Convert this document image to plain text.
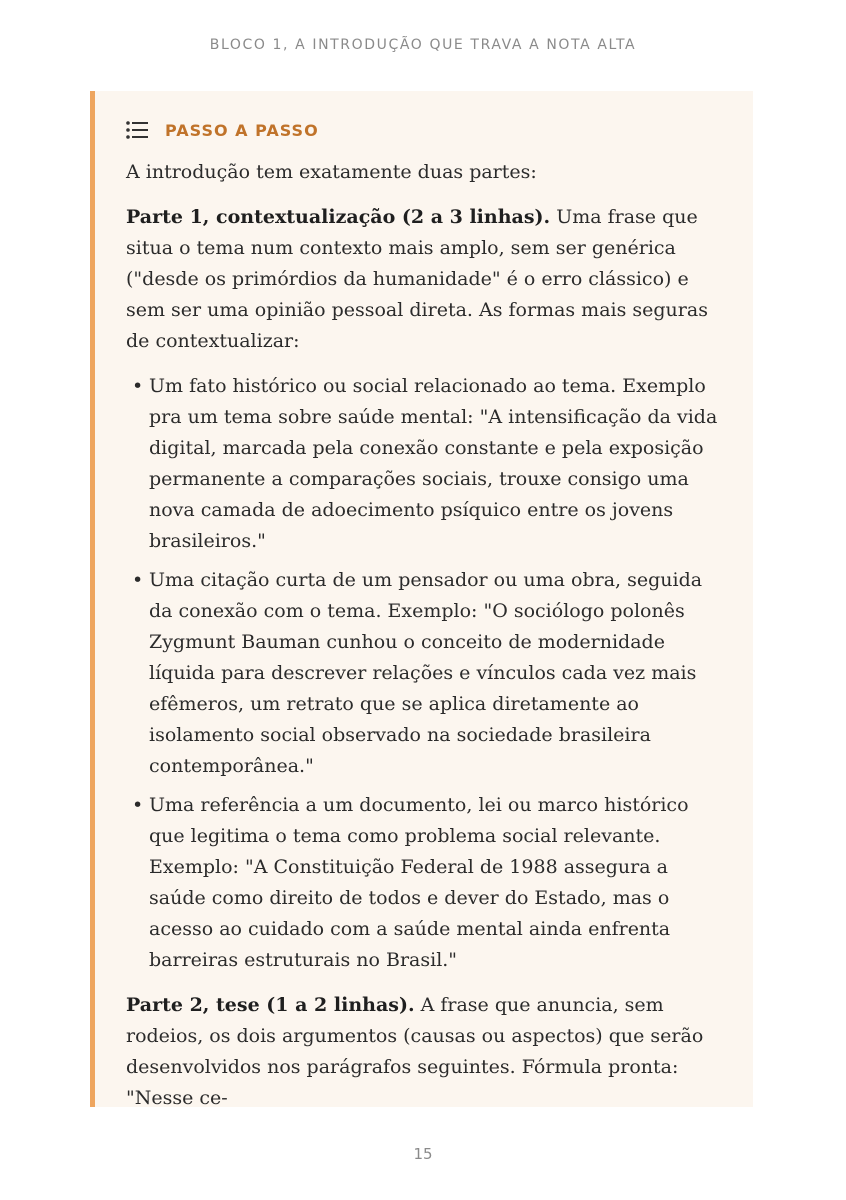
BLOCO 1, A INTRODUÇÃO QUE TRAVA A NOTA ALTA
PASSO A PASSO

A introdução tem exatamente duas partes:

Parte 1, contextualização (2 a 3 linhas). Uma frase que situa o tema num contexto mais amplo, sem ser genérica ("desde os primórdios da humanidade" é o erro clássico) e sem ser uma opinião pessoal direta. As formas mais seguras de contextualizar:

• Um fato histórico ou social relacionado ao tema. Exemplo pra um tema sobre saúde mental: "A intensificação da vida digital, marcada pela conexão constante e pela exposição permanente a comparações sociais, trouxe consigo uma nova camada de adoecimento psíquico entre os jovens brasileiros."
• Uma citação curta de um pensador ou uma obra, seguida da conexão com o tema. Exemplo: "O sociólogo polonês Zygmunt Bauman cunhou o conceito de modernidade líquida para descrever relações e vínculos cada vez mais efêmeros, um retrato que se aplica diretamente ao isolamento social observado na sociedade brasileira contemporânea."
• Uma referência a um documento, lei ou marco histórico que legitima o tema como problema social relevante. Exemplo: "A Constituição Federal de 1988 assegura a saúde como direito de todos e dever do Estado, mas o acesso ao cuidado com a saúde mental ainda enfrenta barreiras estruturais no Brasil."

Parte 2, tese (1 a 2 linhas). A frase que anuncia, sem rodeios, os dois argumentos (causas ou aspectos) que serão desenvolvidos nos parágrafos seguintes. Fórmula pronta: "Nesse ce-

15
